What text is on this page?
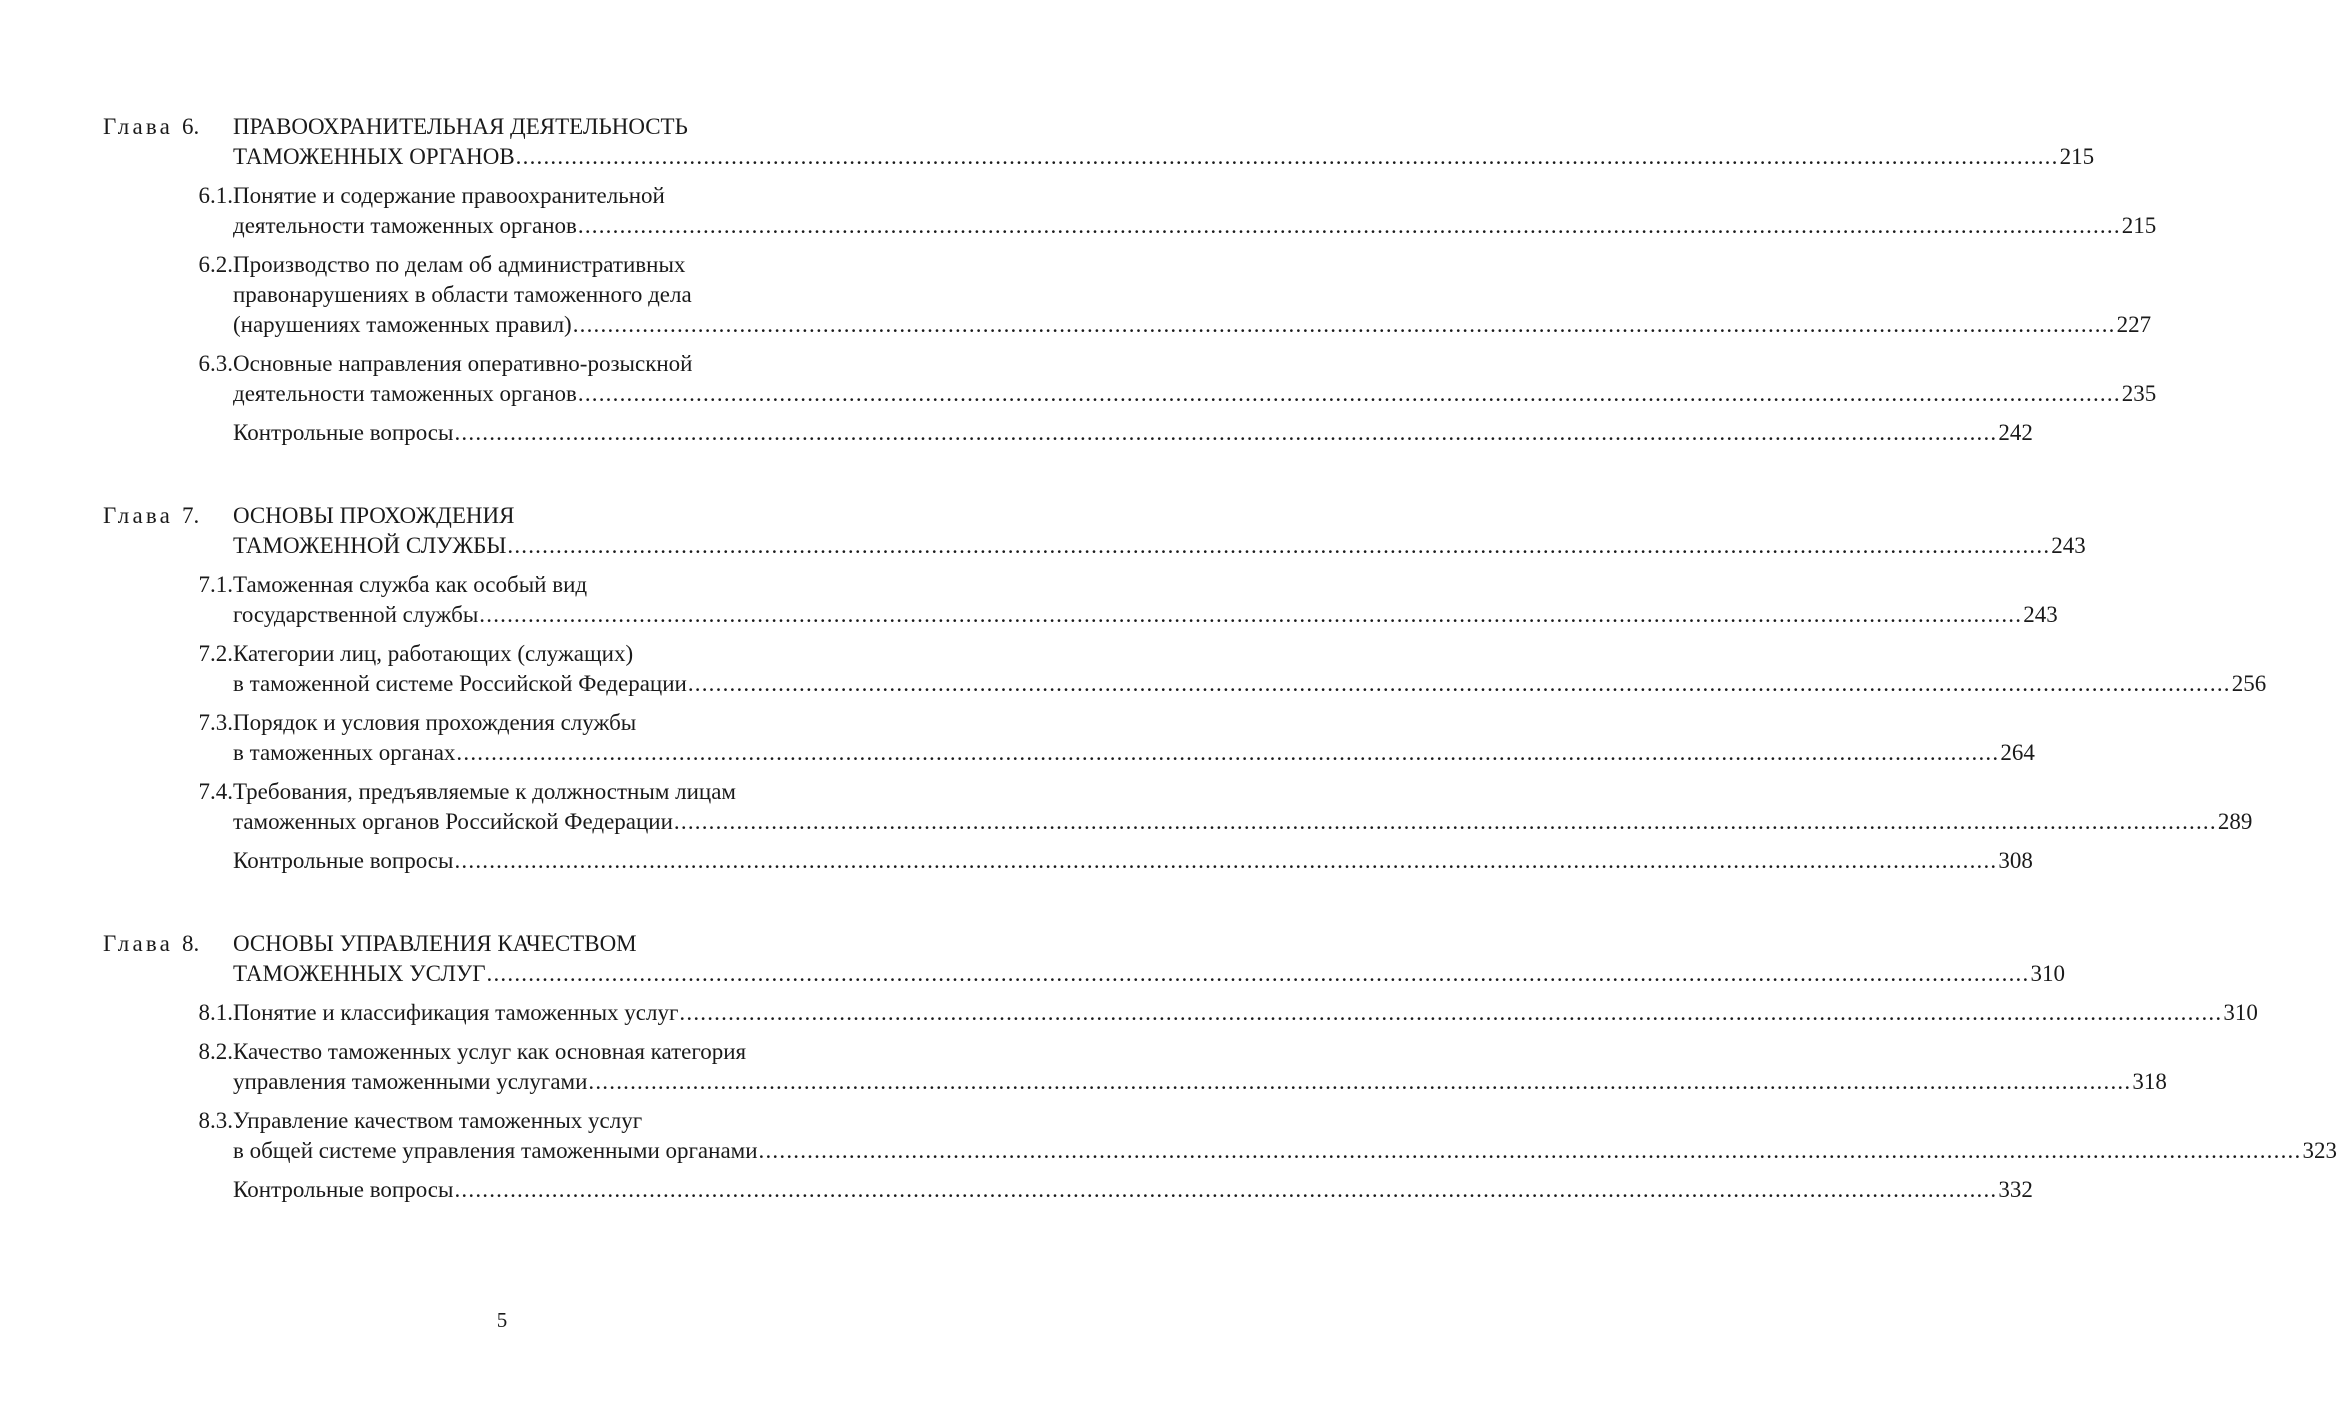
Глава 6.	ПРАВООХРАНИТЕЛЬНАЯ ДЕЯТЕЛЬНОСТЬ
ТАМОЖЕННЫХ ОРГАНОВ .....	215
6.1. Понятие и содержание правоохранительной
деятельности таможенных органов .....	215
6.2. Производство по делам об административных
правонарушениях в области таможенного дела
(нарушениях таможенных правил) .....	227
6.3. Основные направления оперативно-розыскной
деятельности таможенных органов .....	235
Контрольные вопросы .....	242
Глава 7.	ОСНОВЫ ПРОХОЖДЕНИЯ
ТАМОЖЕННОЙ СЛУЖБЫ .....	243
7.1. Таможенная служба как особый вид
государственной службы .....	243
7.2. Категории лиц, работающих (служащих)
в таможенной системе Российской Федерации .....	256
7.3. Порядок и условия прохождения службы
в таможенных органах .....	264
7.4. Требования, предъявляемые к должностным лицам
таможенных органов Российской Федерации .....	289
Контрольные вопросы .....	308
Глава 8.	ОСНОВЫ УПРАВЛЕНИЯ КАЧЕСТВОМ
ТАМОЖЕННЫХ УСЛУГ .....	310
8.1. Понятие и классификация таможенных услуг .....	310
8.2. Качество таможенных услуг как основная категория
управления таможенными услугами .....	318
8.3. Управление качеством таможенных услуг
в общей системе управления таможенными органами .....	323
Контрольные вопросы .....	332
5
